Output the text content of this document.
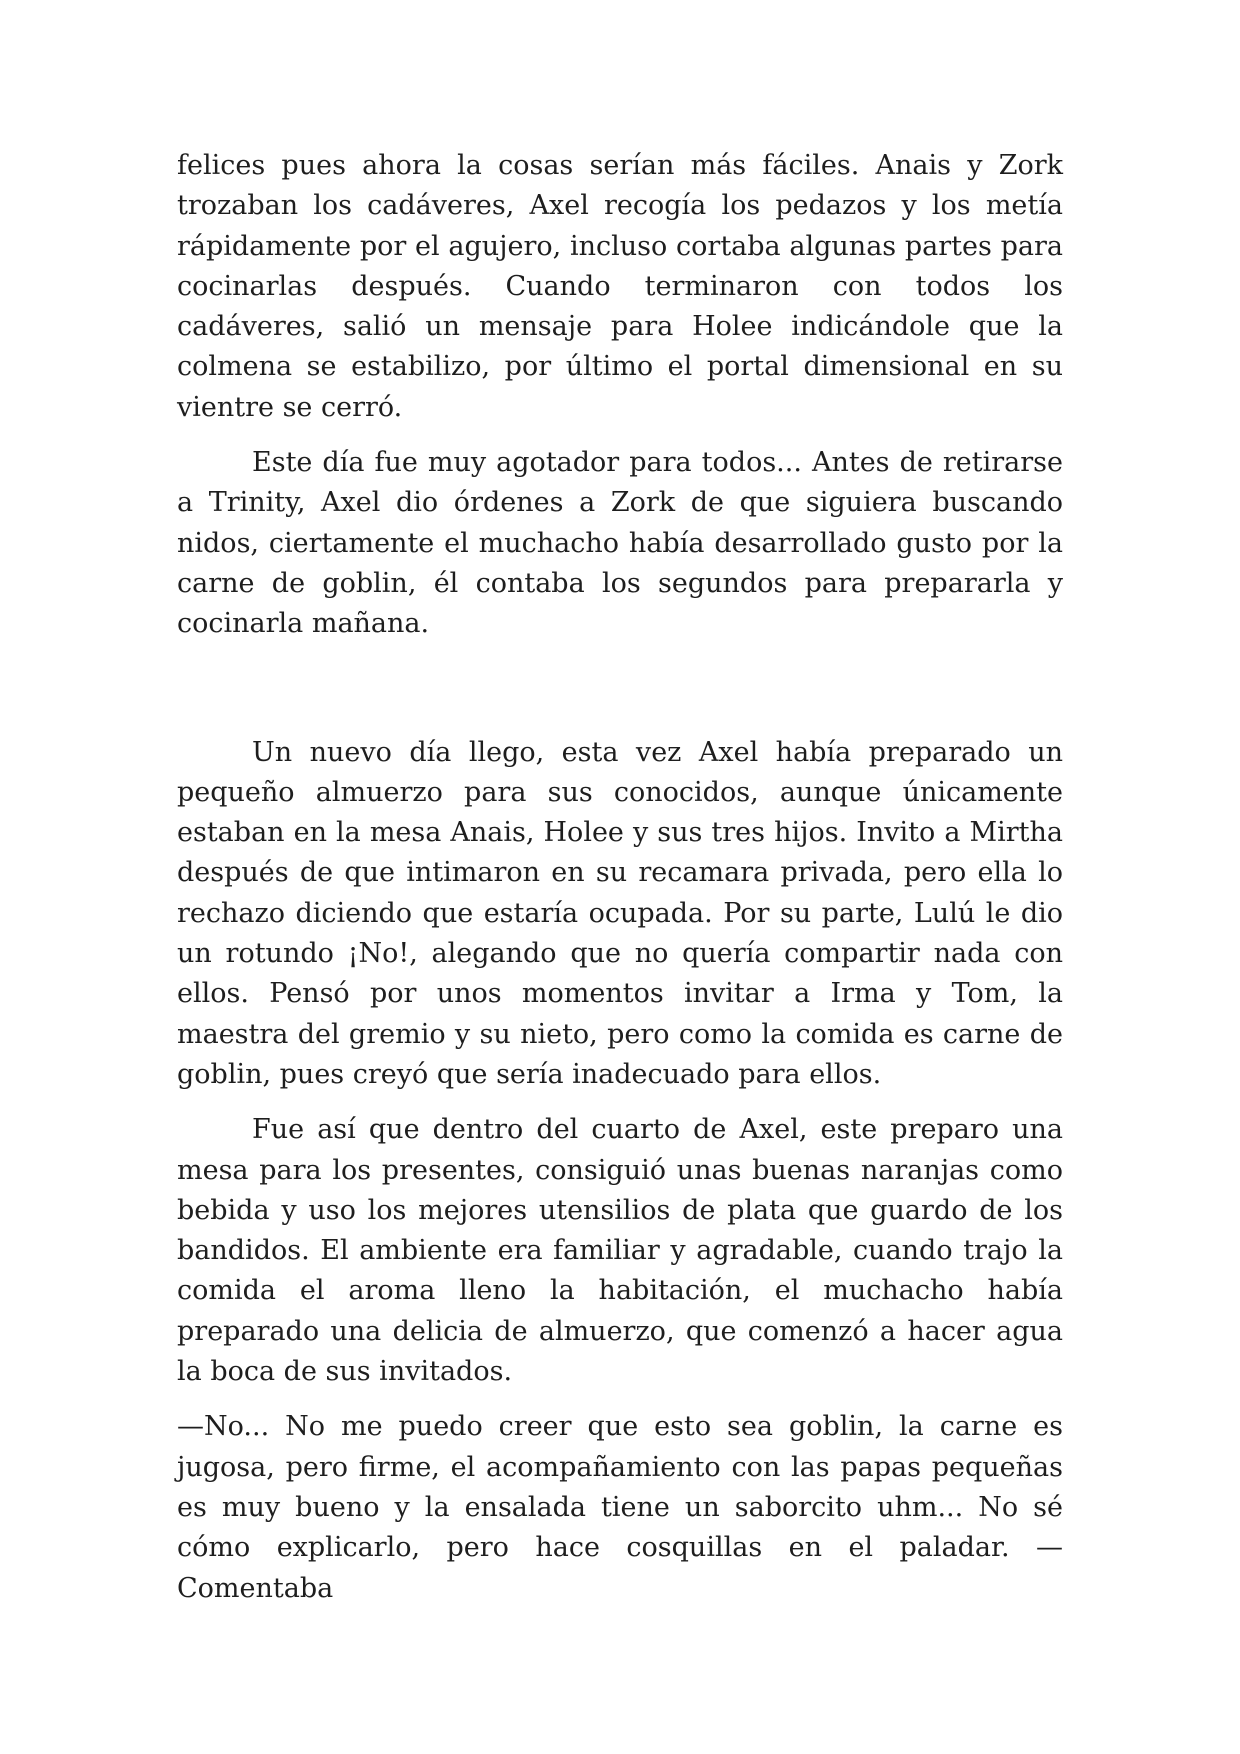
felices pues ahora la cosas serían más fáciles. Anais y Zork trozaban los cadáveres, Axel recogía los pedazos y los metía rápidamente por el agujero, incluso cortaba algunas partes para cocinarlas después. Cuando terminaron con todos los cadáveres, salió un mensaje para Holee indicándole que la colmena se estabilizo, por último el portal dimensional en su vientre se cerró.

Este día fue muy agotador para todos... Antes de retirarse a Trinity, Axel dio órdenes a Zork de que siguiera buscando nidos, ciertamente el muchacho había desarrollado gusto por la carne de goblin, él contaba los segundos para prepararla y cocinarla mañana.

Un nuevo día llego, esta vez Axel había preparado un pequeño almuerzo para sus conocidos, aunque únicamente estaban en la mesa Anais, Holee y sus tres hijos. Invito a Mirtha después de que intimaron en su recamara privada, pero ella lo rechazo diciendo que estaría ocupada. Por su parte, Lulú le dio un rotundo ¡No!, alegando que no quería compartir nada con ellos. Pensó por unos momentos invitar a Irma y Tom, la maestra del gremio y su nieto, pero como la comida es carne de goblin, pues creyó que sería inadecuado para ellos.

Fue así que dentro del cuarto de Axel, este preparo una mesa para los presentes, consiguió unas buenas naranjas como bebida y uso los mejores utensilios de plata que guardo de los bandidos. El ambiente era familiar y agradable, cuando trajo la comida el aroma lleno la habitación, el muchacho había preparado una delicia de almuerzo, que comenzó a hacer agua la boca de sus invitados.

—No... No me puedo creer que esto sea goblin, la carne es jugosa, pero firme, el acompañamiento con las papas pequeñas es muy bueno y la ensalada tiene un saborcito uhm... No sé cómo explicarlo, pero hace cosquillas en el paladar. —Comentaba
